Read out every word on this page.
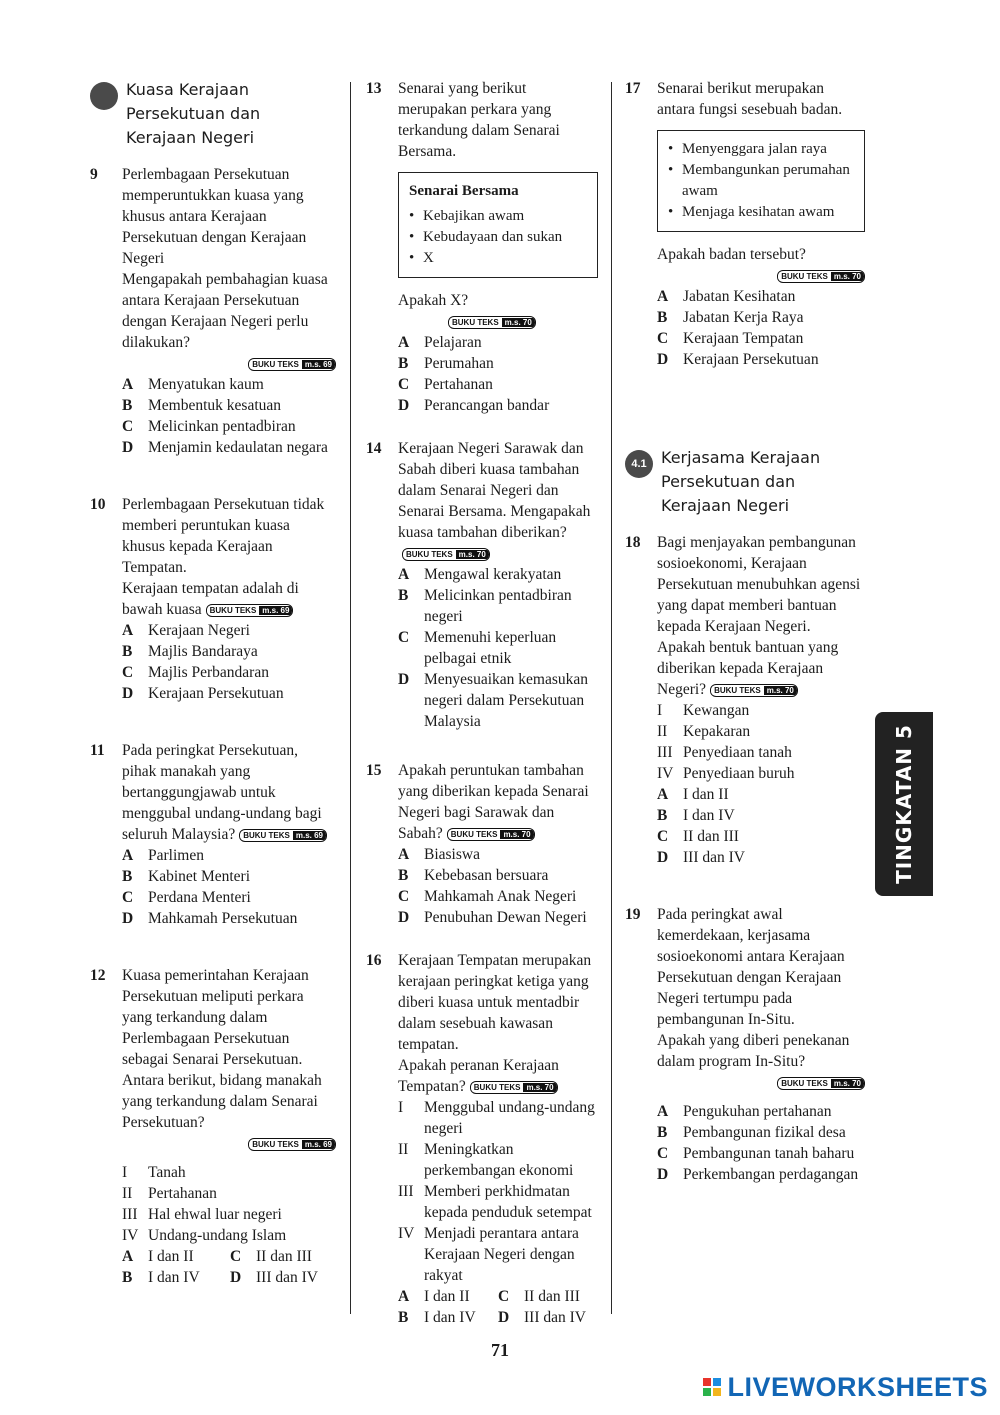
Kuasa Kerajaan
Persekutuan dan
Kerajaan Negeri
9 Perlembagaan Persekutuan memperuntukkan kuasa yang khusus antara Kerajaan Persekutuan dengan Kerajaan Negeri
Mengapakah pembahagian kuasa antara Kerajaan Persekutuan dengan Kerajaan Negeri perlu dilakukan?
BUKU TEKS m.s. 69
A Menyatukan kaum
B	Membentuk kesatuan
C Melicinkan pentadbiran
D Menjamin kedaulatan negara
10 Perlembagaan Persekutuan tidak memberi peruntukan kuasa khusus kepada Kerajaan Tempatan.
Kerajaan tempatan adalah di bawah kuasa BUKU TEKS m.s. 69
A Kerajaan Negeri
B	Majlis Bandaraya
C Majlis Perbandaran
D Kerajaan Persekutuan
11 Pada peringkat Persekutuan, pihak manakah yang bertanggungjawab untuk menggubal undang-undang bagi seluruh Malaysia? BUKU TEKS m.s. 69
A Parlimen
B	Kabinet Menteri
C Perdana Menteri
D Mahkamah Persekutuan
12 Kuasa pemerintahan Kerajaan Persekutuan meliputi perkara yang terkandung dalam Perlembagaan Persekutuan sebagai Senarai Persekutuan. Antara berikut, bidang manakah yang terkandung dalam Senarai Persekutuan?
BUKU TEKS m.s. 69
I	Tanah
II	Pertahanan
III Hal ehwal luar negeri
IV Undang-undang Islam
A I dan II	C II dan III
B	I dan IV	D III dan IV
13 Senarai yang berikut merupakan perkara yang terkandung dalam Senarai Bersama.
Senarai Bersama
• Kebajikan awam
• Kebudayaan dan sukan
• X
Apakah X?BUKU TEKS m.s. 70
A Pelajaran
B	Perumahan
C Pertahanan
D Perancangan bandar
14 Kerajaan Negeri Sarawak dan Sabah diberi kuasa tambahan dalam Senarai Negeri dan Senarai Bersama. Mengapakah kuasa tambahan diberikan?BUKU TEKS m.s. 70
A Mengawal kerakyatan
B	Melicinkan pentadbiran negeri
C Memenuhi keperluan pelbagai etnik
D Menyesuaikan kemasukan negeri dalam Persekutuan Malaysia
15 Apakah peruntukan tambahan yang diberikan kepada Senarai Negeri bagi Sarawak dan Sabah? BUKU TEKS m.s. 70
A Biasiswa
B	Kebebasan bersuara
C Mahkamah Anak Negeri
D Penubuhan Dewan Negeri
16 Kerajaan Tempatan merupakan kerajaan peringkat ketiga yang diberi kuasa untuk mentadbir dalam sesebuah kawasan tempatan.
Apakah peranan Kerajaan Tempatan? BUKU TEKS m.s. 70
I	Menggubal undang-undang negeri
II	Meningkatkan perkembangan ekonomi
III Memberi perkhidmatan kepada penduduk setempat
IV Menjadi perantara antara Kerajaan Negeri dengan rakyat
A I dan II	C II dan III
B	I dan IV	D III dan IV
17 Senarai berikut merupakan antara fungsi sesebuah badan.
• Menyenggara jalan raya
• Membangunkan perumahan awam
• Menjaga kesihatan awam
Apakah badan tersebut?
BUKU TEKS m.s. 70
A Jabatan Kesihatan
B	Jabatan Kerja Raya
C Kerajaan Tempatan
D Kerajaan Persekutuan
4.1 Kerjasama Kerajaan
Persekutuan dan
Kerajaan Negeri
18 Bagi menjayakan pembangunan sosioekonomi, Kerajaan Persekutuan menubuhkan agensi yang dapat memberi bantuan kepada Kerajaan Negeri.
Apakah bentuk bantuan yang diberikan kepada Kerajaan Negeri? BUKU TEKS m.s. 70
I	Kewangan
II	Kepakaran
III Penyediaan tanah
IV Penyediaan buruh
A I dan II
B	I dan IV
C II dan III
D III dan IV
19 Pada peringkat awal kemerdekaan, kerjasama sosioekonomi antara Kerajaan Persekutuan dengan Kerajaan Negeri tertumpu pada pembangunan In-Situ.
Apakah yang diberi penekanan dalam program In-Situ?
BUKU TEKS m.s. 70
A Pengukuhan pertahanan
B	Pembangunan fizikal desa
C Pembangunan tanah baharu
D Perkembangan perdagangan
TINGKATAN 5
71
LIVEWORKSHEETS
